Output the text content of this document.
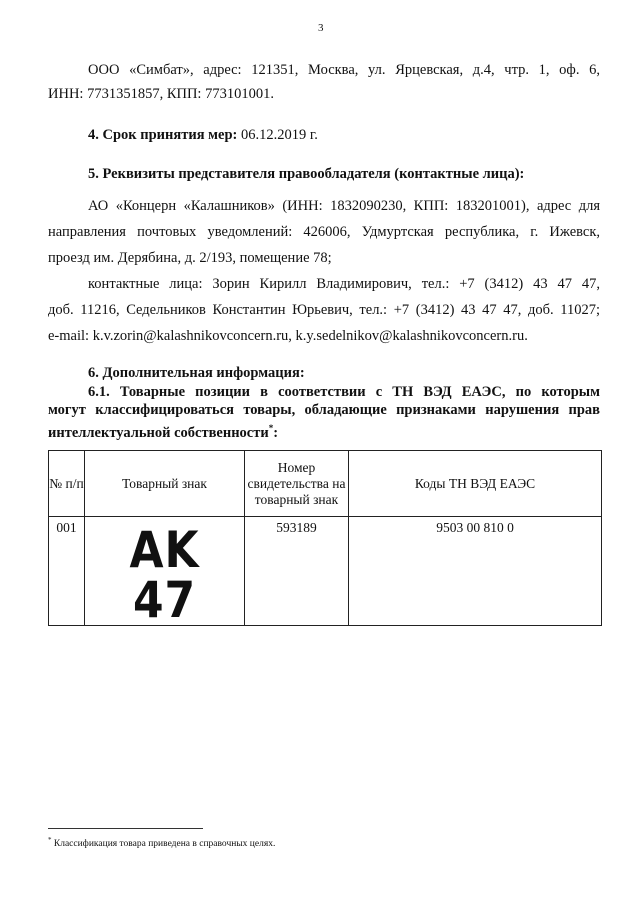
3
ООО «Симбат», адрес: 121351, Москва, ул. Ярцевская, д.4, чтр. 1, оф. 6,
ИНН: 7731351857, КПП: 773101001.
4. Срок принятия мер: 06.12.2019 г.
5. Реквизиты представителя правообладателя (контактные лица):
АО «Концерн «Калашников» (ИНН: 1832090230, КПП: 183201001), адрес для
направления почтовых уведомлений: 426006, Удмуртская республика, г. Ижевск,
проезд им. Дерябина, д. 2/193, помещение 78;
контактные лица: Зорин Кирилл Владимирович, тел.: +7 (3412) 43 47 47,
доб. 11216, Седельников Константин Юрьевич, тел.: +7 (3412) 43 47 47, доб. 11027;
e-mail: k.v.zorin@kalashnikovconcern.ru, k.y.sedelnikov@kalashnikovconcern.ru.
6. Дополнительная информация:
6.1. Товарные позиции в соответствии с ТН ВЭД ЕАЭС, по которым
могут классифицироваться товары, обладающие признаками нарушения прав
интеллектуальной собственности*:
№ п/п	Товарный знак	Номер свидетельства на товарный знак	Коды ТН ВЭД ЕАЭС
001	AK 47	593189	9503 00 810 0
* Классификация товара приведена в справочных целях.
